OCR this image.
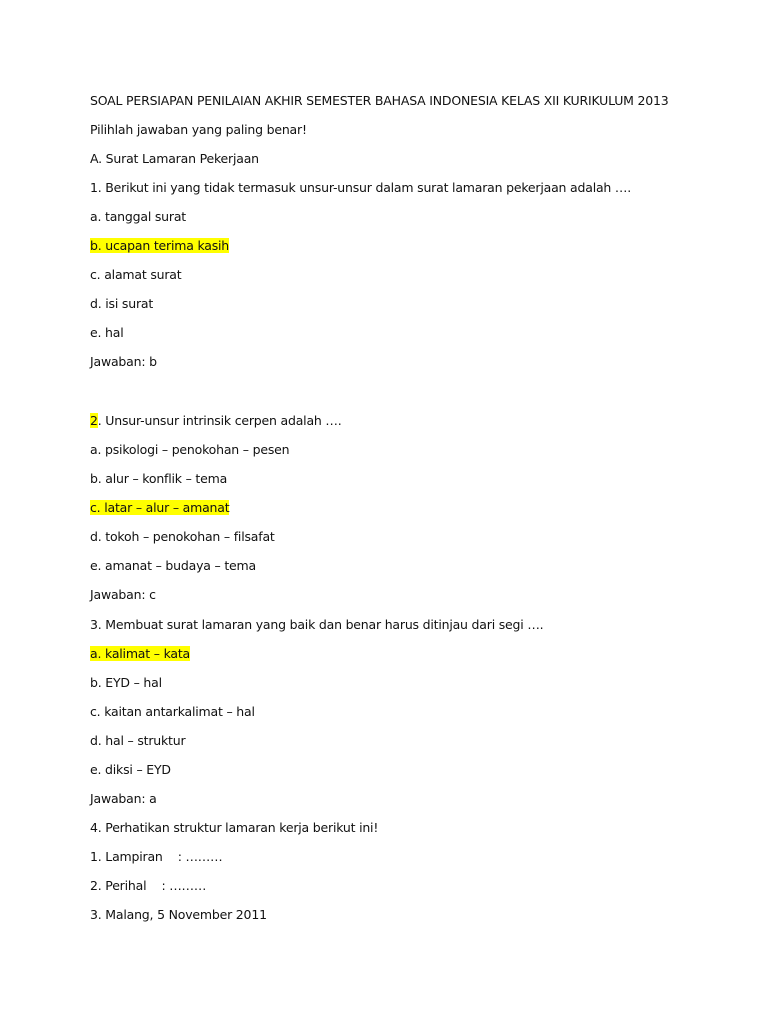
SOAL PERSIAPAN PENILAIAN AKHIR SEMESTER BAHASA INDONESIA KELAS XII KURIKULUM 2013
Pilihlah jawaban yang paling benar!
A. Surat Lamaran Pekerjaan
1. Berikut ini yang tidak termasuk unsur-unsur dalam surat lamaran pekerjaan adalah ….
a. tanggal surat
b. ucapan terima kasih
c. alamat surat
d. isi surat
e. hal
Jawaban: b
2. Unsur-unsur intrinsik cerpen adalah ….
a. psikologi – penokohan – pesen
b. alur – konflik – tema
c. latar – alur – amanat
d. tokoh – penokohan – filsafat
e. amanat – budaya – tema
Jawaban: c
3. Membuat surat lamaran yang baik dan benar harus ditinjau dari segi ….
a. kalimat – kata
b. EYD – hal
c. kaitan antarkalimat – hal
d. hal – struktur
e. diksi – EYD
Jawaban: a
4. Perhatikan struktur lamaran kerja berikut ini!
1. Lampiran    : ………
2. Perihal    : ………
3. Malang, 5 November 2011
